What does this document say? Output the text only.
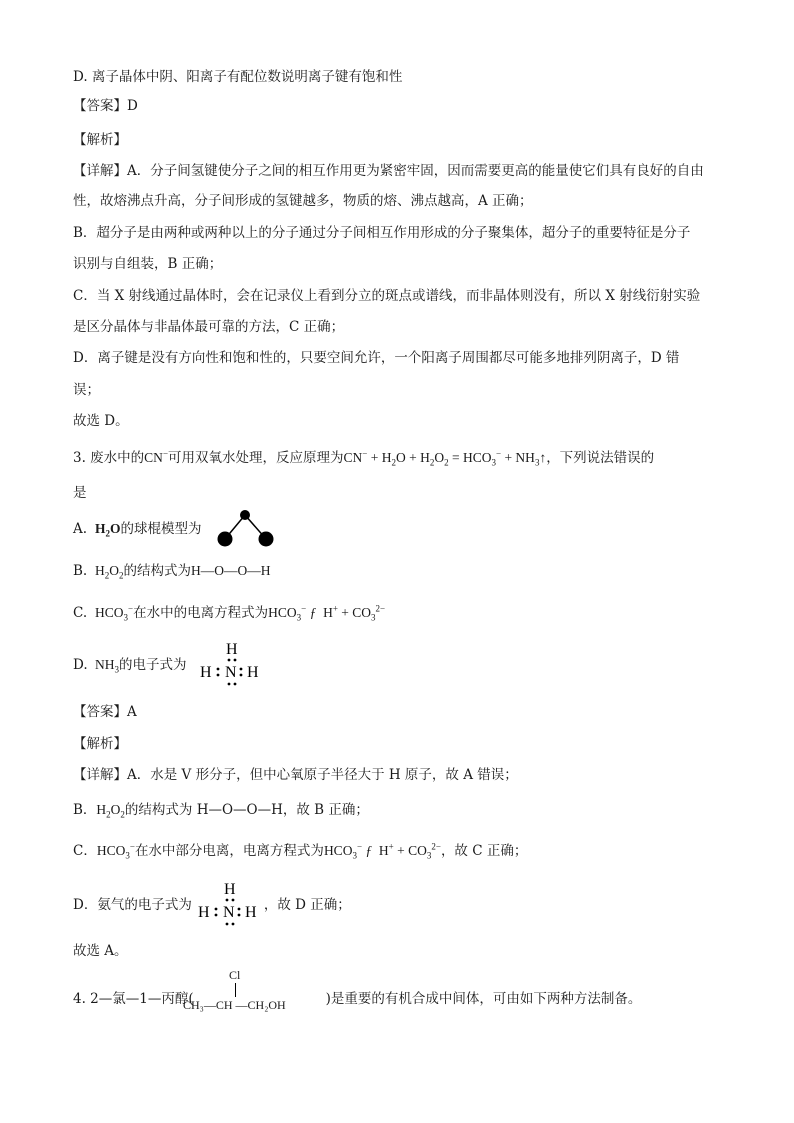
D. 离子晶体中阴、阳离子有配位数说明离子键有饱和性
【答案】D
【解析】
【详解】A．分子间氢键使分子之间的相互作用更为紧密牢固，因而需要更高的能量使它们具有良好的自由
性，故熔沸点升高，分子间形成的氢键越多，物质的熔、沸点越高，A 正确；
B．超分子是由两种或两种以上的分子通过分子间相互作用形成的分子聚集体，超分子的重要特征是分子
识别与自组装，B 正确；
C．当 X 射线通过晶体时，会在记录仪上看到分立的斑点或谱线，而非晶体则没有，所以 X 射线衍射实验
是区分晶体与非晶体最可靠的方法，C 正确；
D．离子键是没有方向性和饱和性的，只要空间允许，一个阳离子周围都尽可能多地排列阴离子，D 错
误；
故选 D。
3. 废水中的CN−可用双氧水处理，反应原理为$CN^- + H_2O + H_2O_2 = HCO_3^-$ + $NH_3↑$，下列说法错误的
是
A. $H_2O$的球棍模型为
B. $H_2O_2$的结构式为H—O—O—H
C. $HCO_3^-$在水中的电离方程式为$HCO_3^-$ ƒ  $H^+ + CO_3^{2-}$
D. $NH_3$的电子式为
H
H N H
【答案】A
【解析】
【详解】A．水是 V 形分子，但中心氧原子半径大于 H 原子，故 A 错误；
B．$H_2O_2$的结构式为 H—O—O—H，故 B 正确；
C．$HCO_3^-$在水中部分电离，电离方程式为$HCO_3^-$ ƒ  $H^+ + CO_3^{2-}$，故 C 正确；
D．氨气的电子式为	，故 D 正确；
H
H N H
故选 A。
4. 2—氯—1—丙醇(	)是重要的有机合成中间体，可由如下两种方法制备。
Cl
CH₃—CH —CH₂OH
